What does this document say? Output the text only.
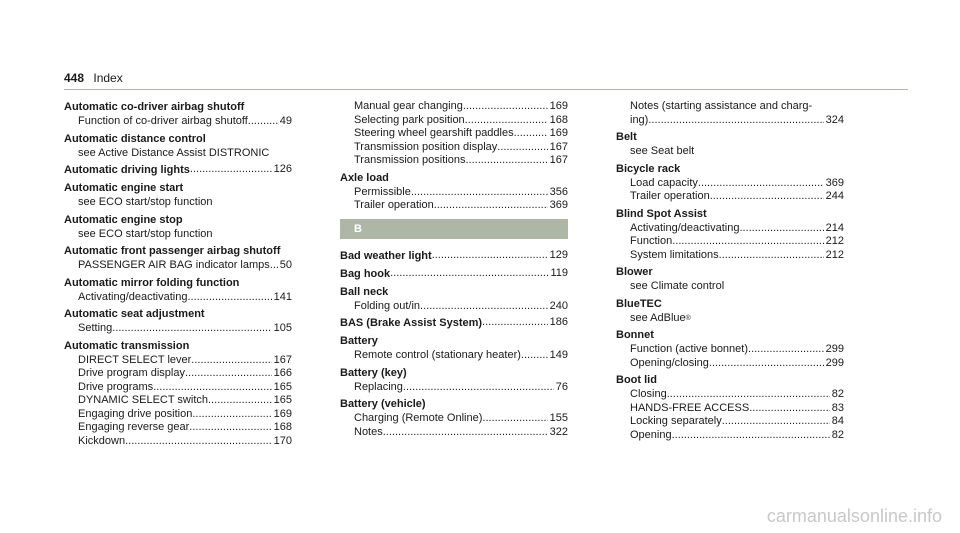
448 Index
Automatic co-driver airbag shutoff
Function of co-driver airbag shutoff .....	49
Automatic distance control
see Active Distance Assist DISTRONIC
Automatic driving lights .....	126
Automatic engine start
see ECO start/stop function
Automatic engine stop
see ECO start/stop function
Automatic front passenger airbag shutoff
PASSENGER AIR BAG indicator lamps ..... 50
Automatic mirror folding function
Activating/deactivating .....	141
Automatic seat adjustment
Setting .....	105
Automatic transmission
DIRECT SELECT lever .....	167
Drive program display .....	166
Drive programs .....	165
DYNAMIC SELECT switch .....	165
Engaging drive position .....	169
Engaging reverse gear .....	168
Kickdown .....	170
Manual gear changing .....	169
Selecting park position .....	168
Steering wheel gearshift paddles .....	169
Transmission position display .....	167
Transmission positions .....	167
Axle load
Permissible .....	356
Trailer operation .....	369
B
Bad weather light .....	129
Bag hook .....	119
Ball neck
Folding out/in .....	240
BAS (Brake Assist System) .....	186
Battery
Remote control (stationary heater) .....	149
Battery (key)
Replacing .....	76
Battery (vehicle)
Charging (Remote Online) .....	155
Notes .....	322
Notes (starting assistance and charg-
ing) .....	324
Belt
see Seat belt
Bicycle rack
Load capacity .....	369
Trailer operation .....	244
Blind Spot Assist
Activating/deactivating .....	214
Function .....	212
System limitations .....	212
Blower
see Climate control
BlueTEC
see AdBlue ®
Bonnet
Function (active bonnet) .....	299
Opening/closing .....	299
Boot lid
Closing .....	82
HANDS-FREE ACCESS .....	83
Locking separately .....	84
Opening .....	82
carmanualsonline.info
